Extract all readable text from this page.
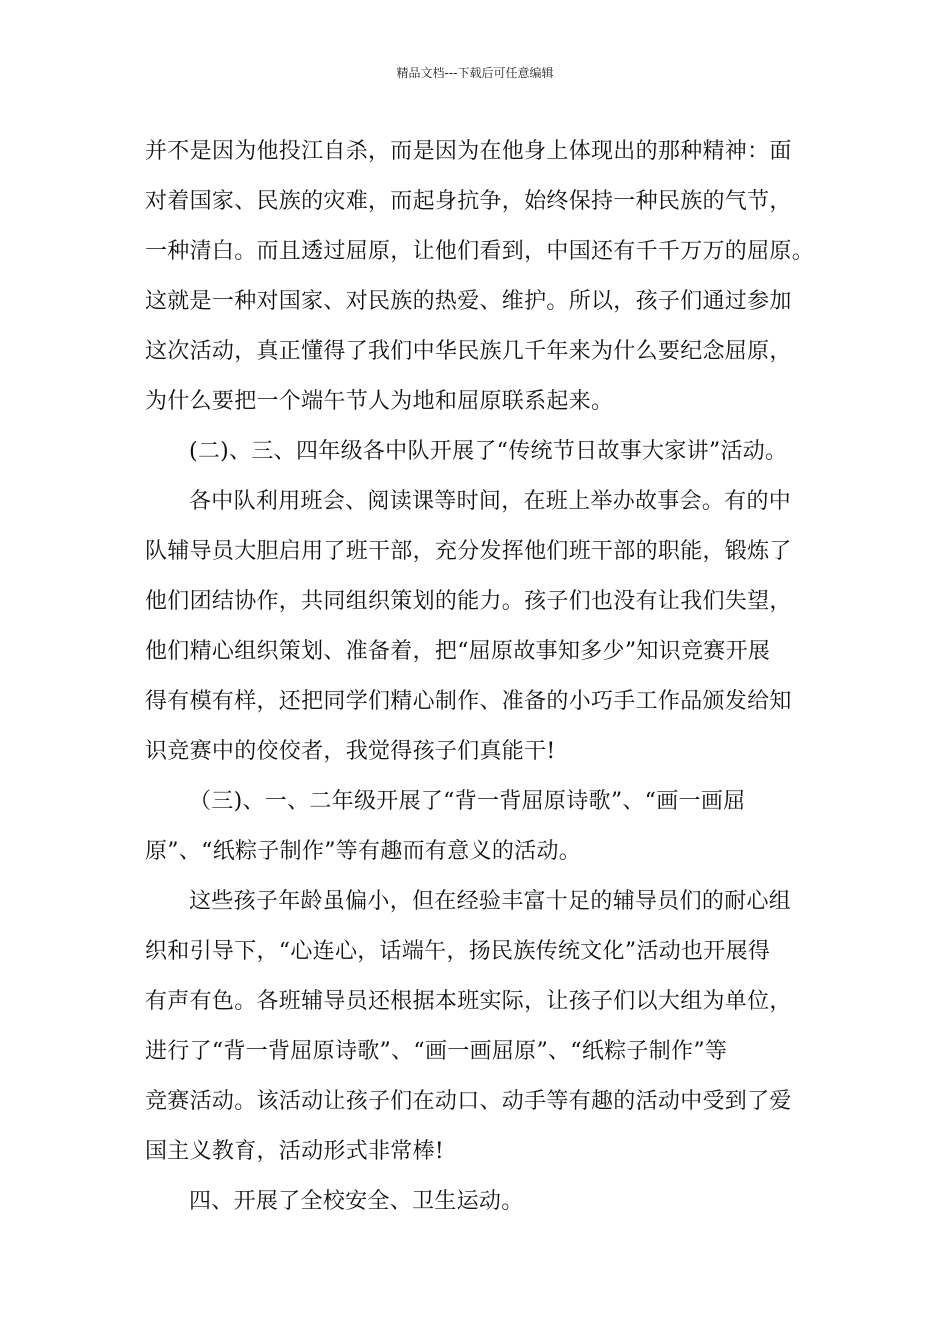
精品文档---下载后可任意编辑
并不是因为他投江自杀，而是因为在他身上体现出的那种精神：面
对着国家、民族的灾难，而起身抗争，始终保持一种民族的气节，
一种清白。而且透过屈原，让他们看到，中国还有千千万万的屈原。
这就是一种对国家、对民族的热爱、维护。所以，孩子们通过参加
这次活动，真正懂得了我们中华民族几千年来为什么要纪念屈原，
为什么要把一个端午节人为地和屈原联系起来。
(二)、三、四年级各中队开展了“传统节日故事大家讲”活动。
各中队利用班会、阅读课等时间，在班上举办故事会。有的中
队辅导员大胆启用了班干部，充分发挥他们班干部的职能，锻炼了
他们团结协作，共同组织策划的能力。孩子们也没有让我们失望，
他们精心组织策划、准备着，把“屈原故事知多少”知识竞赛开展
得有模有样，还把同学们精心制作、准备的小巧手工作品颁发给知
识竞赛中的佼佼者，我觉得孩子们真能干!
（三)、一、二年级开展了“背一背屈原诗歌”、“画一画屈
原”、“纸粽子制作”等有趣而有意义的活动。
这些孩子年龄虽偏小，但在经验丰富十足的辅导员们的耐心组
织和引导下，“心连心，话端午，扬民族传统文化”活动也开展得
有声有色。各班辅导员还根据本班实际，让孩子们以大组为单位，
进行了“背一背屈原诗歌”、“画一画屈原”、“纸粽子制作”等
竞赛活动。该活动让孩子们在动口、动手等有趣的活动中受到了爱
国主义教育，活动形式非常棒!
四、开展了全校安全、卫生运动。
